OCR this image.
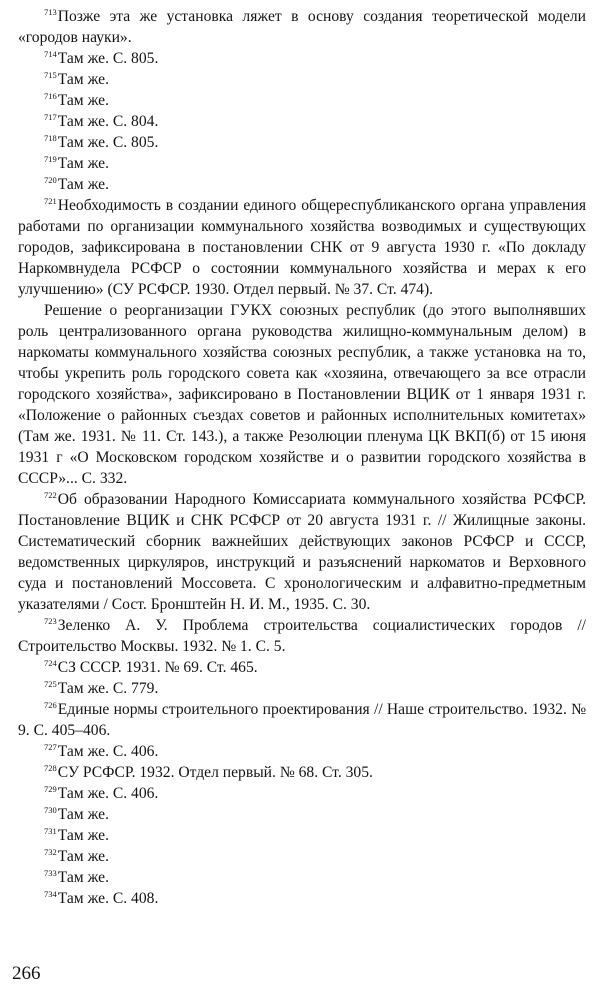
$^{713}$Позже эта же установка ляжет в основу создания теоретической модели «городов науки».

$^{714}$Там же. С. 805.

$^{715}$Там же.

$^{716}$Там же.

$^{717}$Там же. С. 804.

$^{718}$Там же. С. 805.

$^{719}$Там же.

$^{720}$Там же.

$^{721}$Необходимость в создании единого общереспубликанского органа управления работами по организации коммунального хозяйства возводимых и существующих городов, зафиксирована в постановлении СНК от 9 августа 1930 г. «По докладу Наркомвнудела РСФСР о состоянии коммунального хозяйства и мерах к его улучшению» (СУ РСФСР. 1930. Отдел первый. № 37. Ст. 474).

Решение о реорганизации ГУКХ союзных республик (до этого выполнявших роль централизованного органа руководства жилищно-коммунальным делом) в наркоматы коммунального хозяйства союзных республик, а также установка на то, чтобы укрепить роль городского совета как «хозяина, отвечающего за все отрасли городского хозяйства», зафиксировано в Постановлении ВЦИК от 1 января 1931 г. «Положение о районных съездах советов и районных исполнительных комитетах» (Там же. 1931. № 11. Ст. 143.), а также Резолюции пленума ЦК ВКП(б) от 15 июня 1931 г «О Московском городском хозяйстве и о развитии городского хозяйства в СССР»... С. 332.

$^{722}$Об образовании Народного Комиссариата коммунального хозяйства РСФСР. Постановление ВЦИК и СНК РСФСР от 20 августа 1931 г. // Жилищные законы. Систематический сборник важнейших действующих законов РСФСР и СССР, ведомственных циркуляров, инструкций и разъяснений наркоматов и Верховного суда и постановлений Моссовета. С хронологическим и алфавитно-предметным указателями / Сост. Бронштейн Н. И. М., 1935. С. 30.

$^{723}$Зеленко А. У. Проблема строительства социалистических городов // Строительство Москвы. 1932. № 1. С. 5.

$^{724}$СЗ СССР. 1931. № 69. Ст. 465.

$^{725}$Там же. С. 779.

$^{726}$Единые нормы строительного проектирования // Наше строительство. 1932. № 9. С. 405–406.

$^{727}$Там же. С. 406.

$^{728}$СУ РСФСР. 1932. Отдел первый. № 68. Ст. 305.

$^{729}$Там же. С. 406.

$^{730}$Там же.

$^{731}$Там же.

$^{732}$Там же.

$^{733}$Там же.

$^{734}$Там же. С. 408.

266
